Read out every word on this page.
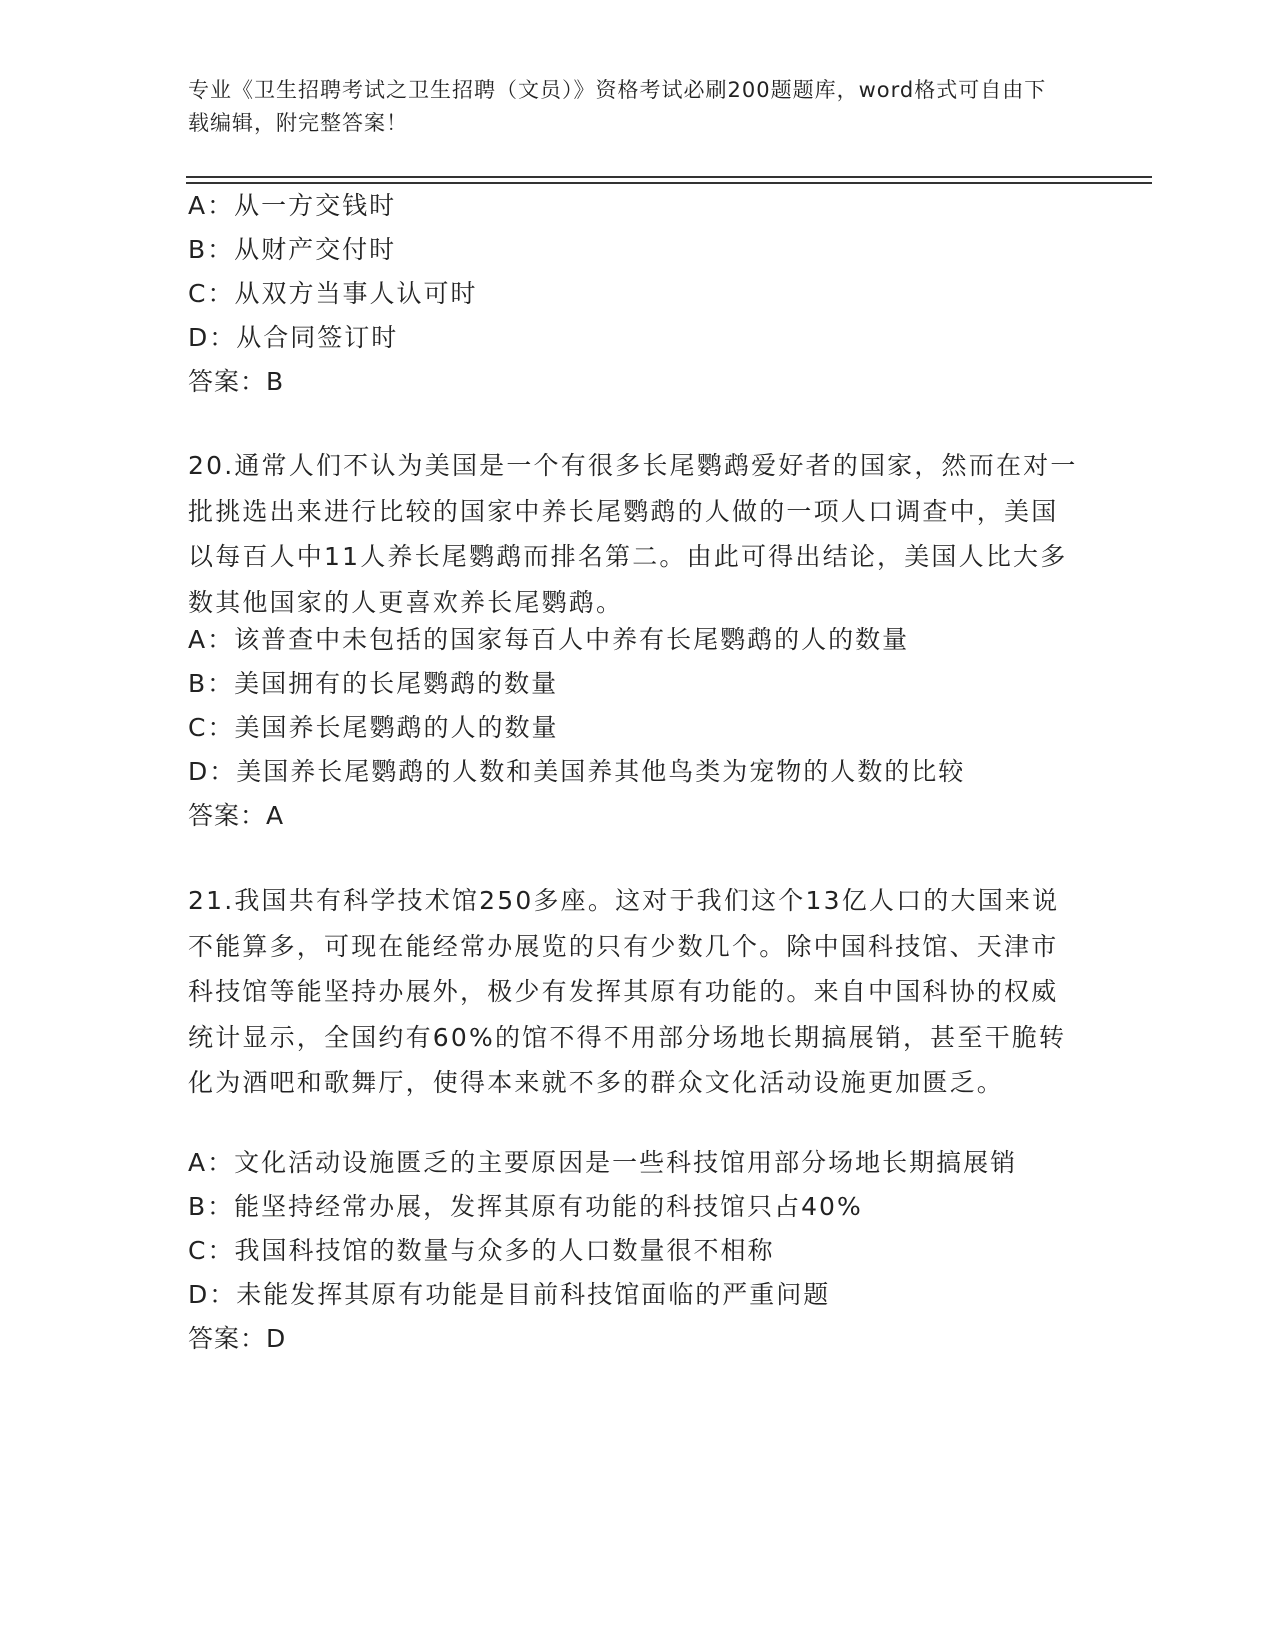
专业《卫生招聘考试之卫生招聘（文员）》资格考试必刷200题题库，word格式可自由下载编辑，附完整答案！
A：从一方交钱时
B：从财产交付时
C：从双方当事人认可时
D：从合同签订时
答案：B
20.通常人们不认为美国是一个有很多长尾鹦鹉爱好者的国家，然而在对一批挑选出来进行比较的国家中养长尾鹦鹉的人做的一项人口调查中，美国以每百人中11人养长尾鹦鹉而排名第二。由此可得出结论，美国人比大多数其他国家的人更喜欢养长尾鹦鹉。
A：该普查中未包括的国家每百人中养有长尾鹦鹉的人的数量
B：美国拥有的长尾鹦鹉的数量
C：美国养长尾鹦鹉的人的数量
D：美国养长尾鹦鹉的人数和美国养其他鸟类为宠物的人数的比较
答案：A
21.我国共有科学技术馆250多座。这对于我们这个13亿人口的大国来说不能算多，可现在能经常办展览的只有少数几个。除中国科技馆、天津市科技馆等能坚持办展外，极少有发挥其原有功能的。来自中国科协的权威统计显示，全国约有60%的馆不得不用部分场地长期搞展销，甚至干脆转化为酒吧和歌舞厅，使得本来就不多的群众文化活动设施更加匮乏。
A：文化活动设施匮乏的主要原因是一些科技馆用部分场地长期搞展销
B：能坚持经常办展，发挥其原有功能的科技馆只占40%
C：我国科技馆的数量与众多的人口数量很不相称
D：未能发挥其原有功能是目前科技馆面临的严重问题
答案：D
